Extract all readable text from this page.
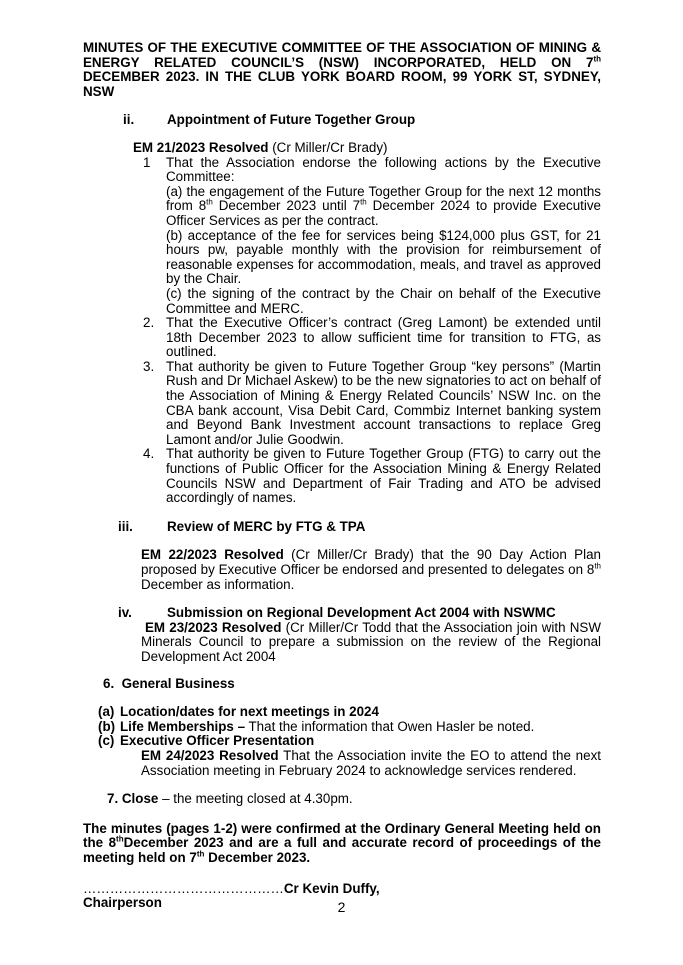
MINUTES OF THE EXECUTIVE COMMITTEE OF THE ASSOCIATION OF MINING & ENERGY RELATED COUNCIL’S (NSW) INCORPORATED, HELD ON 7th DECEMBER 2023. IN THE CLUB YORK BOARD ROOM, 99 YORK ST, SYDNEY, NSW
ii.	Appointment of Future Together Group

EM 21/2023 Resolved (Cr Miller/Cr Brady)

1 That the Association endorse the following actions by the Executive Committee:

(a) the engagement of the Future Together Group for the next 12 months from 8th December 2023 until 7th December 2024 to provide Executive Officer Services as per the contract.

(b) acceptance of the fee for services being $124,000 plus GST, for 21 hours pw, payable monthly with the provision for reimbursement of reasonable expenses for accommodation, meals, and travel as approved by the Chair.

(c) the signing of the contract by the Chair on behalf of the Executive Committee and MERC.

2. That the Executive Officer’s contract (Greg Lamont) be extended until 18th December 2023 to allow sufficient time for transition to FTG, as outlined.

3. That authority be given to Future Together Group “key persons” (Martin Rush and Dr Michael Askew) to be the new signatories to act on behalf of the Association of Mining & Energy Related Councils’ NSW Inc. on the CBA bank account, Visa Debit Card, Commbiz Internet banking system and Beyond Bank Investment account transactions to replace Greg Lamont and/or Julie Goodwin.

4. That authority be given to Future Together Group (FTG) to carry out the functions of Public Officer for the Association Mining & Energy Related Councils NSW and Department of Fair Trading and ATO be advised accordingly of names.

iii.	Review of MERC by FTG & TPA
EM 22/2023 Resolved (Cr Miller/Cr Brady) that the 90 Day Action Plan proposed by Executive Officer be endorsed and presented to delegates on 8th December as information.
iv.	Submission on Regional Development Act 2004 with NSWMC
EM 23/2023 Resolved (Cr Miller/Cr Todd that the Association join with NSW Minerals Council to prepare a submission on the review of the Regional Development Act 2004
6.  General Business
(a) Location/dates for next meetings in 2024

(b) Life Memberships – That the information that Owen Hasler be noted.

(c) Executive Officer Presentation

EM 24/2023 Resolved That the Association invite the EO to attend the next Association meeting in February 2024 to acknowledge services rendered.
7. Close – the meeting closed at 4.30pm.
The minutes (pages 1-2) were confirmed at the Ordinary General Meeting held on the 8thDecember 2023 and are a full and accurate record of proceedings of the meeting held on 7th December 2023.

………………………………………Cr Kevin Duffy,

Chairperson	2
